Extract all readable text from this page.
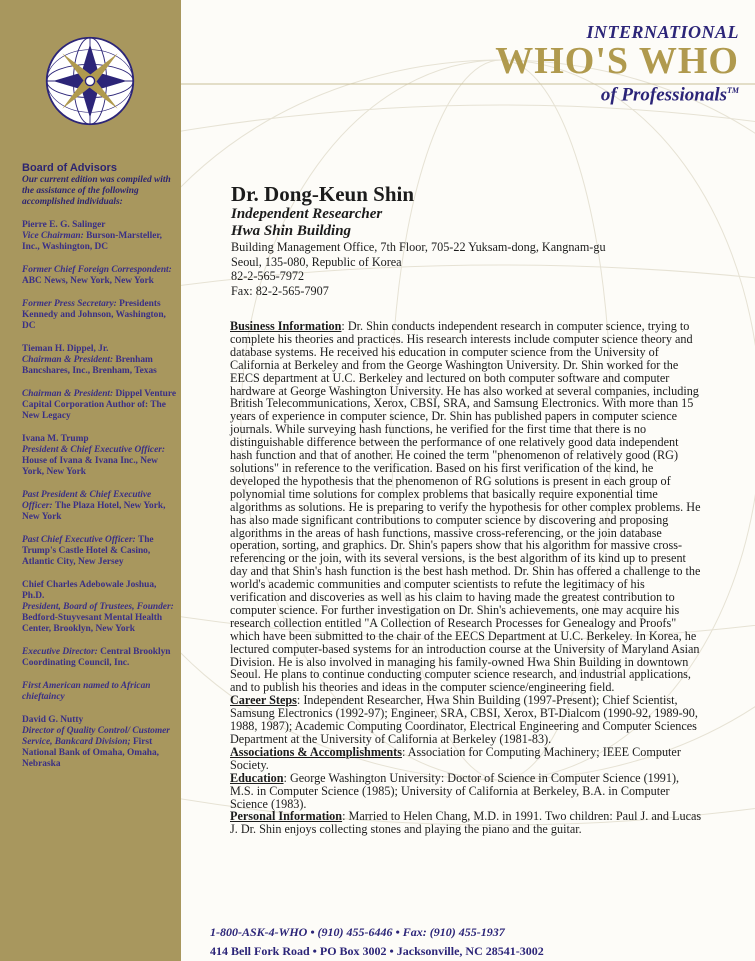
Board of Advisors
Our current edition was compiled with the assistance of the following accomplished individuals:
Pierre E. G. Salinger
Vice Chairman: Burson-Marsteller, Inc., Washington, DC
Former Chief Foreign Correspondent: ABC News, New York, New York
Former Press Secretary: Presidents Kennedy and Johnson, Washington, DC
Tieman H. Dippel, Jr.
Chairman & President: Brenham Bancshares, Inc., Brenham, Texas
Chairman & President: Dippel Venture Capital Corporation Author of: The New Legacy
Ivana M. Trump
President & Chief Executive Officer: House of Ivana & Ivana Inc., New York, New York
Past President & Chief Executive Officer: The Plaza Hotel, New York, New York
Past Chief Executive Officer: The Trump's Castle Hotel & Casino, Atlantic City, New Jersey
Chief Charles Adebowale Joshua, Ph.D.
President, Board of Trustees, Founder: Bedford-Stuyvesant Mental Health Center, Brooklyn, New York
Executive Director: Central Brooklyn Coordinating Council, Inc.
First American named to African chieftaincy
David G. Nutty
Director of Quality Control/ Customer Service, Bankcard Division; First National Bank of Omaha, Omaha, Nebraska
INTERNATIONAL
WHO'S WHO
of Professionals™
Dr. Dong-Keun Shin
Independent Researcher
Hwa Shin Building
Building Management Office, 7th Floor, 705-22 Yuksam-dong, Kangnam-gu
Seoul, 135-080, Republic of Korea
82-2-565-7972
Fax: 82-2-565-7907

Business Information: Dr. Shin conducts independent research in computer science, trying to complete his theories and practices. His research interests include computer science theory and database systems. He received his education in computer science from the University of California at Berkeley and from the George Washington University. Dr. Shin worked for the EECS department at U.C. Berkeley and lectured on both computer software and computer hardware at George Washington University. He has also worked at several companies, including British Telecommunications, Xerox, CBSI, SRA, and Samsung Electronics. With more than 15 years of experience in computer science, Dr. Shin has published papers in computer science journals. While surveying hash functions, he verified for the first time that there is no distinguishable difference between the performance of one relatively good data independent hash function and that of another. He coined the term "phenomenon of relatively good (RG) solutions" in reference to the verification. Based on his first verification of the kind, he developed the hypothesis that the phenomenon of RG solutions is present in each group of polynomial time solutions for complex problems that basically require exponential time algorithms as solutions. He is preparing to verify the hypothesis for other complex problems. He has also made significant contributions to computer science by discovering and proposing algorithms in the areas of hash functions, massive cross-referencing, or the join database operation, sorting, and graphics. Dr. Shin's papers show that his algorithm for massive cross-referencing or the join, with its several versions, is the best algorithm of its kind up to present day and that Shin's hash function is the best hash method. Dr. Shin has offered a challenge to the world's academic communities and computer scientists to refute the legitimacy of his verification and discoveries as well as his claim to having made the greatest contribution to computer science. For further investigation on Dr. Shin's achievements, one may acquire his research collection entitled "A Collection of Research Processes for Genealogy and Proofs" which have been submitted to the chair of the EECS Department at U.C. Berkeley. In Korea, he lectured computer-based systems for an introduction course at the University of Maryland Asian Division. He is also involved in managing his family-owned Hwa Shin Building in downtown Seoul. He plans to continue conducting computer science research, and industrial applications, and to publish his theories and ideas in the computer science/engineering field.

Career Steps: Independent Researcher, Hwa Shin Building (1997-Present); Chief Scientist, Samsung Electronics (1992-97); Engineer, SRA, CBSI, Xerox, BT-Dialcom (1990-92, 1989-90, 1988, 1987); Academic Computing Coordinator, Electrical Engineering and Computer Sciences Department at the University of California at Berkeley (1981-83).

Associations & Accomplishments: Association for Computing Machinery; IEEE Computer Society.

Education: George Washington University: Doctor of Science in Computer Science (1991), M.S. in Computer Science (1985); University of California at Berkeley, B.A. in Computer Science (1983).

Personal Information: Married to Helen Chang, M.D. in 1991. Two children: Paul J. and Lucas J. Dr. Shin enjoys collecting stones and playing the piano and the guitar.

1-800-ASK-4-WHO • (910) 455-6446 • Fax: (910) 455-1937
414 Bell Fork Road • PO Box 3002 • Jacksonville, NC 28541-3002
